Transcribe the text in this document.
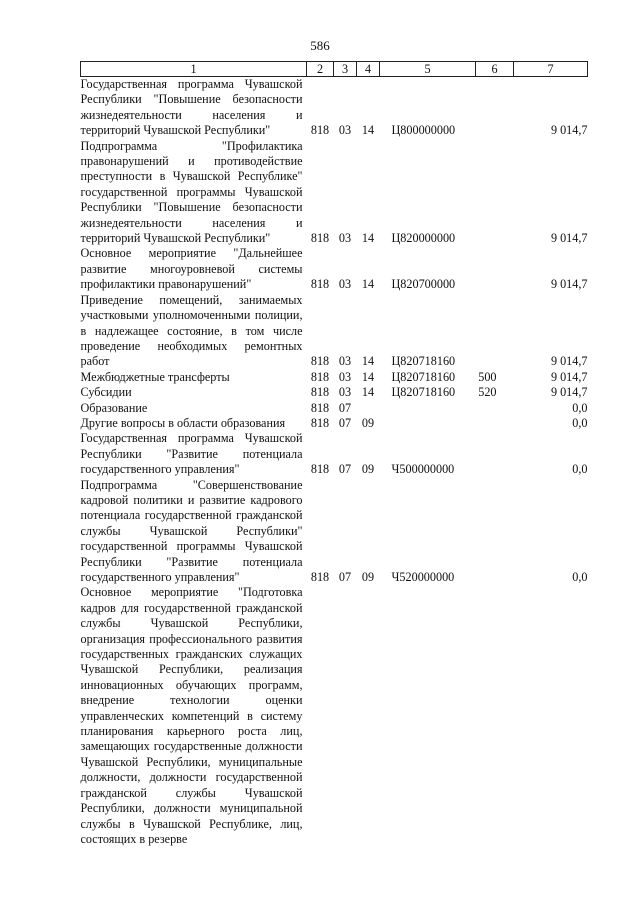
586
1	2	3	4	5	6	7
Государственная программа Чувашской Республики "Повышение безопасности жизнедеятельности населения и территорий Чувашской Республики"	818	03	14	Ц800000000		9 014,7
Подпрограмма "Профилактика правонарушений и противодействие преступности в Чувашской Республике" государственной программы Чувашской Республики "Повышение безопасности жизнедеятельности населения и территорий Чувашской Республики"	818	03	14	Ц820000000		9 014,7
Основное мероприятие "Дальнейшее развитие многоуровневой системы профилактики правонарушений"	818	03	14	Ц820700000		9 014,7
Приведение помещений, занимаемых участковыми уполномоченными полиции, в надлежащее состояние, в том числе проведение необходимых ремонтных работ	818	03	14	Ц820718160		9 014,7
Межбюджетные трансферты	818	03	14	Ц820718160	500	9 014,7
Субсидии	818	03	14	Ц820718160	520	9 014,7
Образование	818	07				0,0
Другие вопросы в области образования	818	07	09			0,0
Государственная программа Чувашской Республики "Развитие потенциала государственного управления"	818	07	09	Ч500000000		0,0
Подпрограмма "Совершенствование кадровой политики и развитие кадрового потенциала государственной гражданской службы Чувашской Республики" государственной программы Чувашской Республики "Развитие потенциала государственного управления"	818	07	09	Ч520000000		0,0
Основное мероприятие "Подготовка кадров для государственной гражданской службы Чувашской Республики, организация профессионального развития государственных гражданских служащих Чувашской Республики, реализация инновационных обучающих программ, внедрение технологии оценки управленческих компетенций в систему планирования карьерного роста лиц, замещающих государственные должности Чувашской Республики, муниципальные должности, должности государственной гражданской службы Чувашской Республики, должности муниципальной службы в Чувашской Республике, лиц, состоящих в резерве						
